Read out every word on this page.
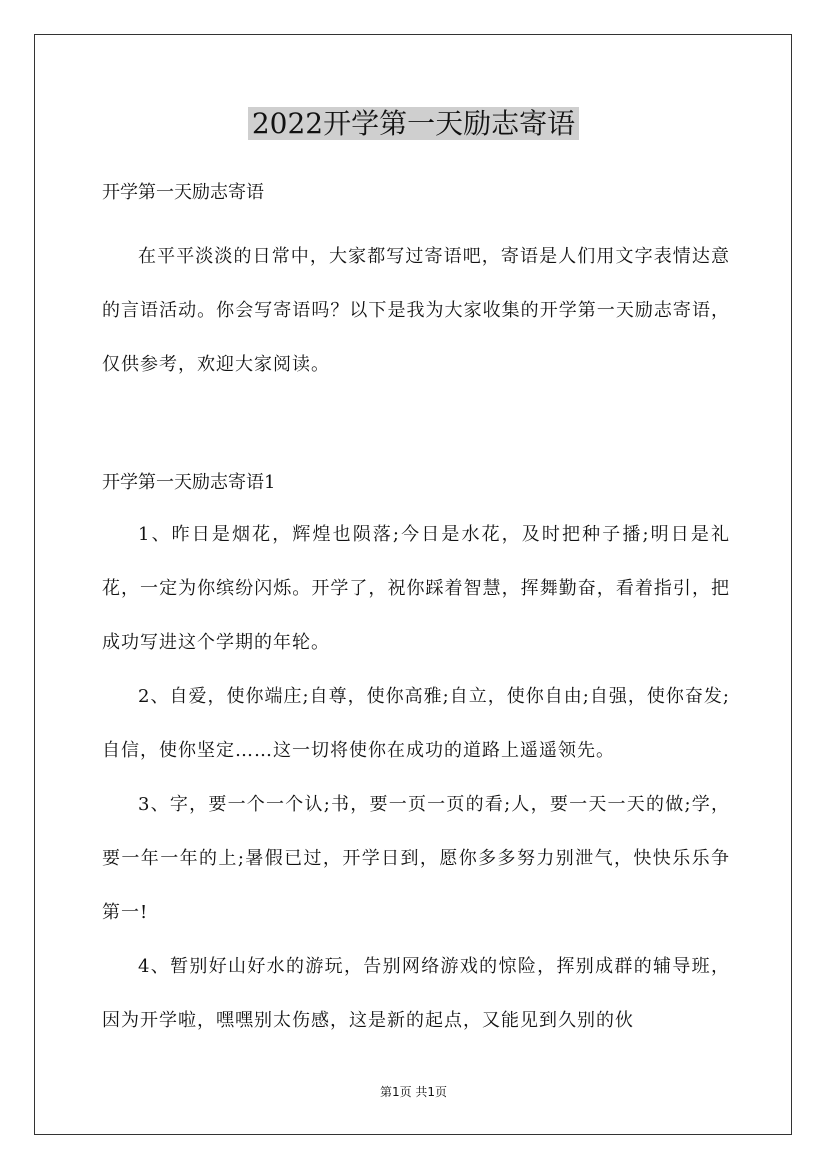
2022开学第一天励志寄语

开学第一天励志寄语

在平平淡淡的日常中，大家都写过寄语吧，寄语是人们用文字表情达意的言语活动。你会写寄语吗？以下是我为大家收集的开学第一天励志寄语，仅供参考，欢迎大家阅读。

开学第一天励志寄语1

1、昨日是烟花，辉煌也陨落;今日是水花，及时把种子播;明日是礼花，一定为你缤纷闪烁。开学了，祝你踩着智慧，挥舞勤奋，看着指引，把成功写进这个学期的年轮。

2、自爱，使你端庄;自尊，使你高雅;自立，使你自由;自强，使你奋发;自信，使你坚定……这一切将使你在成功的道路上遥遥领先。

3、字，要一个一个认;书，要一页一页的看;人，要一天一天的做;学，要一年一年的上;暑假已过，开学日到，愿你多多努力别泄气，快快乐乐争第一!

4、暂别好山好水的游玩，告别网络游戏的惊险，挥别成群的辅导班，因为开学啦，嘿嘿别太伤感，这是新的起点，又能见到久别的伙

第1页 共1页
